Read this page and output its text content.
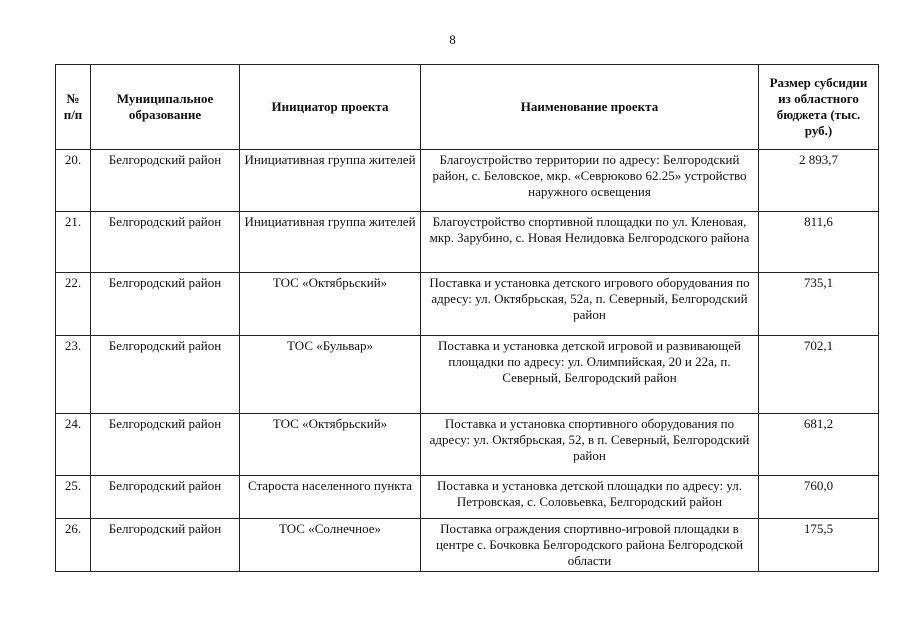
8
№ п/п	Муниципальное образование	Инициатор проекта	Наименование проекта	Размер субсидии из областного бюджета (тыс. руб.)
20.	Белгородский район	Инициативная группа жителей	Благоустройство территории по адресу: Белгородский район, с. Беловское, мкр. «Севрюково 62.25» устройство наружного освещения	2 893,7
21.	Белгородский район	Инициативная группа жителей	Благоустройство спортивной площадки по ул. Кленовая, мкр. Зарубино, с. Новая Нелидовка Белгородского района	811,6
22.	Белгородский район	ТОС «Октябрьский»	Поставка и установка детского игрового оборудования по адресу: ул. Октябрьская, 52а, п. Северный, Белгородский район	735,1
23.	Белгородский район	ТОС «Бульвар»	Поставка и установка детской игровой и развивающей площадки по адресу: ул. Олимпийская, 20 и 22а, п. Северный, Белгородский район	702,1
24.	Белгородский район	ТОС «Октябрьский»	Поставка и установка спортивного оборудования по адресу: ул. Октябрьская, 52, в п. Северный, Белгородский район	681,2
25.	Белгородский район	Староста населенного пункта	Поставка и установка детской площадки по адресу: ул. Петровская, с. Соловьевка, Белгородский район	760,0
26.	Белгородский район	ТОС «Солнечное»	Поставка ограждения спортивно-игровой площадки в центре с. Бочковка Белгородского района Белгородской области	175,5
